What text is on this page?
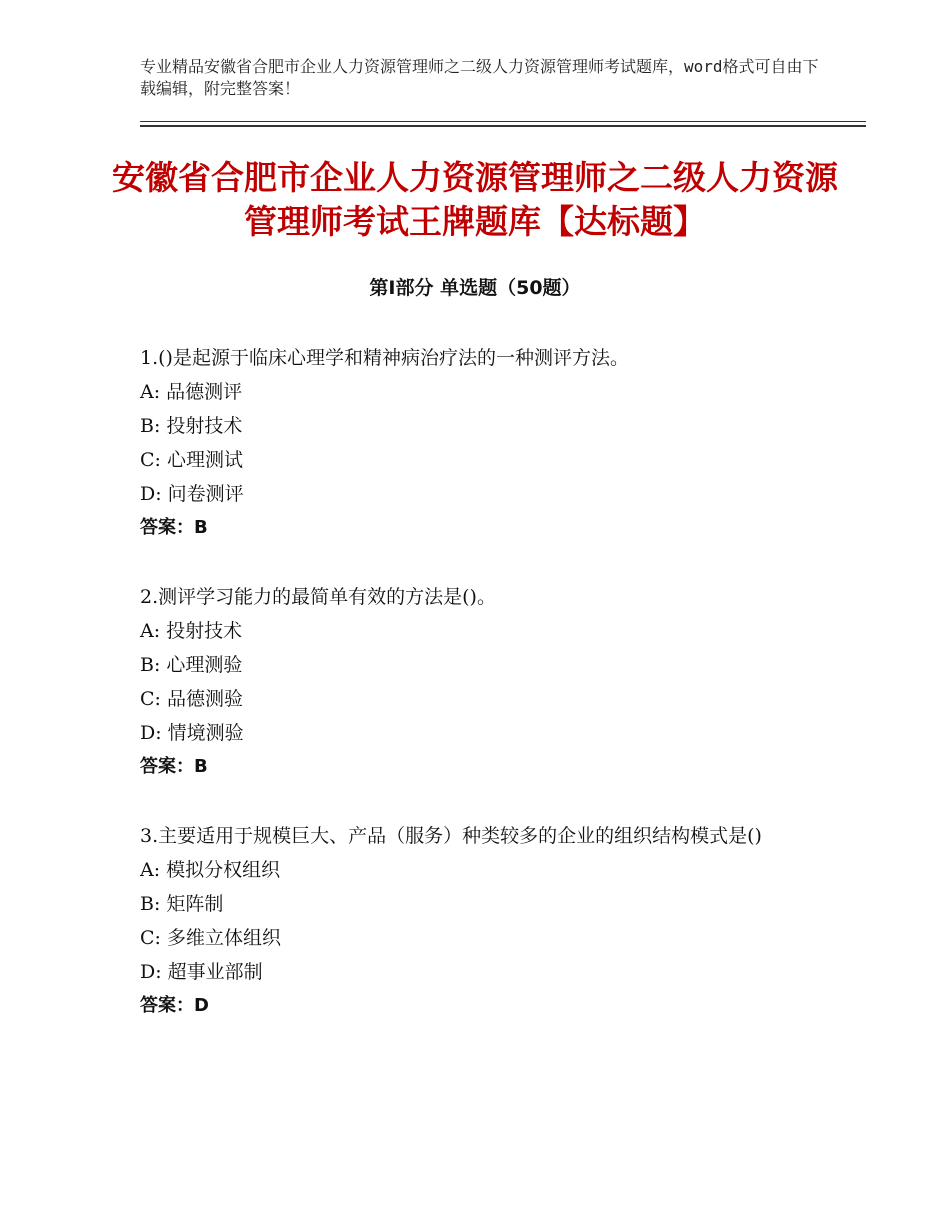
专业精品安徽省合肥市企业人力资源管理师之二级人力资源管理师考试题库，word格式可自由下载编辑，附完整答案！
安徽省合肥市企业人力资源管理师之二级人力资源管理师考试王牌题库【达标题】
第Ⅰ部分 单选题（50题）
1.()是起源于临床心理学和精神病治疗法的一种测评方法。
A: 品德测评
B: 投射技术
C: 心理测试
D: 问卷测评
答案：B
2.测评学习能力的最简单有效的方法是()。
A: 投射技术
B: 心理测验
C: 品德测验
D: 情境测验
答案：B
3.主要适用于规模巨大、产品（服务）种类较多的企业的组织结构模式是()
A: 模拟分权组织
B: 矩阵制
C: 多维立体组织
D: 超事业部制
答案：D
